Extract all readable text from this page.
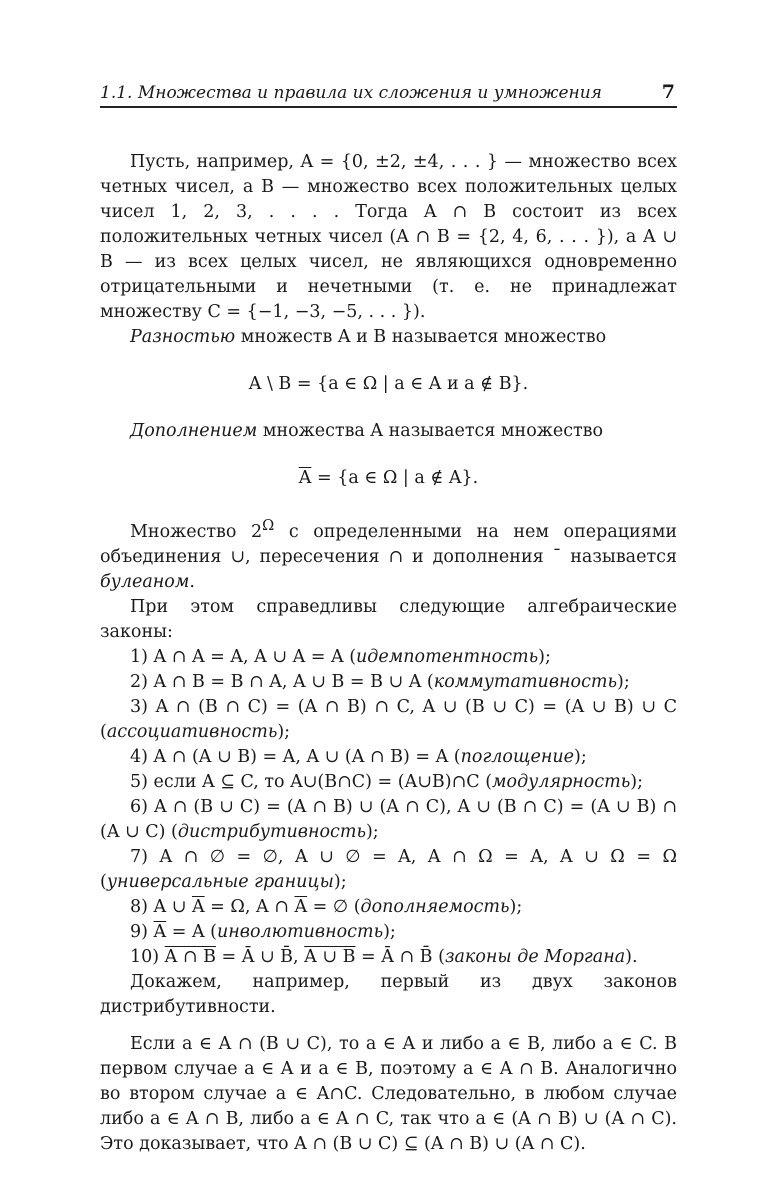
1.1. Множества и правила их сложения и умножения	7

Пусть, например, A = {0, ±2, ±4, . . . } — множество всех четных чисел, а B — множество всех положительных целых чисел 1, 2, 3, . . . . Тогда A ∩ B состоит из всех положительных четных чисел (A ∩ B = {2, 4, 6, . . . }), а A ∪ B — из всех целых чисел, не являющихся одновременно отрицательными и нечетными (т. е. не принадлежат множеству C = {−1, −3, −5, . . . }).

Разностью множеств A и B называется множество

A \ B = {a ∈ Ω | a ∈ A и a ∉ B}.

Дополнением множества A называется множество

$\overline{A} = \{a$ ∈ Ω | a ∉ A}.

Множество $2^\Omega$ с определенными на нем операциями объединения ∪, пересечения ∩ и дополнения ¯ называется булеаном.

При этом справедливы следующие алгебраические законы:

1) A ∩ A = A, A ∪ A = A (идемпотентность);

2) A ∩ B = B ∩ A, A ∪ B = B ∪ A (коммутативность);

3) A ∩ (B ∩ C) = (A ∩ B) ∩ C, A ∪ (B ∪ C) = (A ∪ B) ∪ C (ассоциативность);

4) A ∩ (A ∪ B) = A, A ∪ (A ∩ B) = A (поглощение);

5) если A ⊆ C, то A∪(B∩C) = (A∪B)∩C (модулярность);

6) A ∩ (B ∪ C) = (A ∩ B) ∪ (A ∩ C), A ∪ (B ∩ C) = (A ∪ B) ∩ (A ∪ C) (дистрибутивность);

7) A ∩ ∅ = ∅, A ∪ ∅ = A, A ∩ Ω = A, A ∪ Ω = Ω (универсальные границы);

8) A ∪ $\overline{A} = \Omega$, A ∩ $\overline{A}$ = ∅ (дополняемость);

9) $\overline{A} = A$ (инволютивность);

10) A ∩ B = Ā ∪ B̄, A ∪ B = Ā ∩ B̄ (законы де Моргана).

Докажем, например, первый из двух законов дистрибутивности.

Если a ∈ A ∩ (B ∪ C), то a ∈ A и либо a ∈ B, либо a ∈ C. В первом случае a ∈ A и a ∈ B, поэтому a ∈ A ∩ B. Аналогично во втором случае a ∈ A∩C. Следовательно, в любом случае либо a ∈ A ∩ B, либо a ∈ A ∩ C, так что a ∈ (A ∩ B) ∪ (A ∩ C). Это доказывает, что A ∩ (B ∪ C) ⊆ (A ∩ B) ∪ (A ∩ C).
